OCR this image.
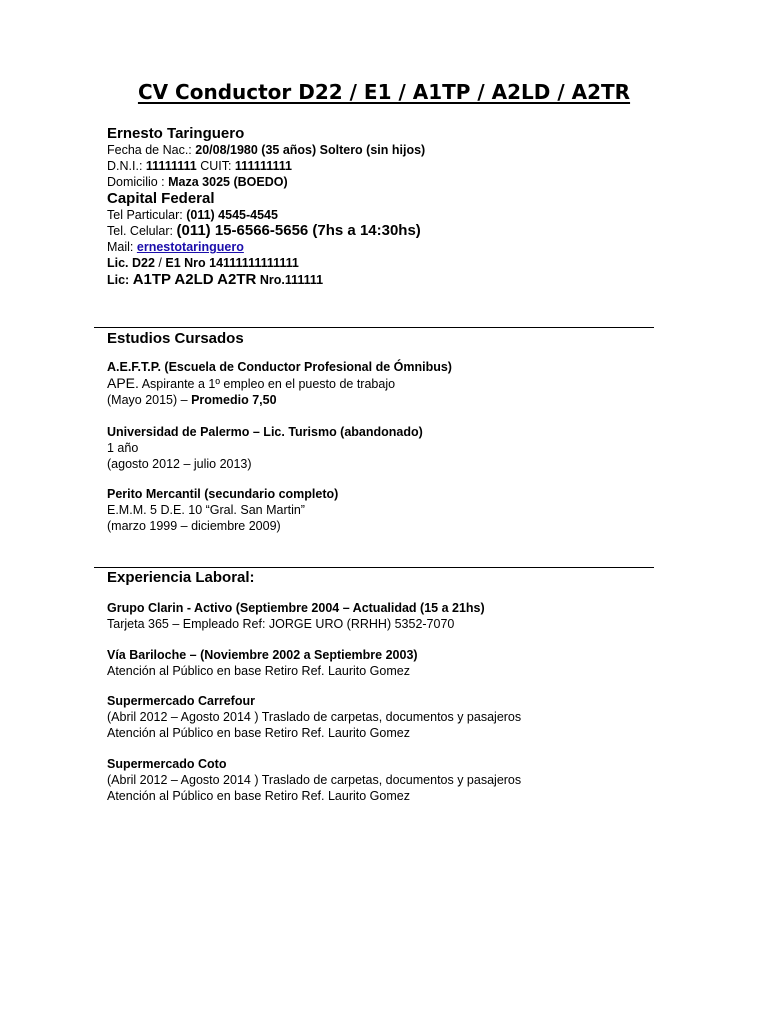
CV Conductor D22 / E1 / A1TP / A2LD / A2TR
Ernesto Taringuero
Fecha de Nac.: 20/08/1980 (35 años) Soltero (sin hijos)
D.N.I.: 11111111 CUIT: 111111111
Domicilio : Maza 3025 (BOEDO)
Capital Federal
Tel Particular: (011) 4545-4545
Tel. Celular: (011) 15-6566-5656 (7hs a 14:30hs)
Mail: ernestotaringuero
Lic. D22 / E1 Nro 14111111111111
Lic: A1TP A2LD A2TR Nro.111111
Estudios Cursados
A.E.F.T.P. (Escuela de Conductor Profesional de Ómnibus)
APE. Aspirante a 1º empleo en el puesto de trabajo
(Mayo 2015) – Promedio 7,50
Universidad de Palermo – Lic. Turismo (abandonado)
1 año
(agosto 2012 – julio 2013)
Perito Mercantil (secundario completo)
E.M.M. 5 D.E. 10 “Gral. San Martin”
(marzo 1999 – diciembre 2009)
Experiencia Laboral:
Grupo Clarin - Activo (Septiembre 2004 – Actualidad (15 a 21hs)
Tarjeta 365 – Empleado Ref: JORGE URO (RRHH) 5352-7070
Vía Bariloche – (Noviembre 2002 a Septiembre 2003)
Atención al Público en base Retiro Ref. Laurito Gomez
Supermercado Carrefour
(Abril 2012 – Agosto 2014 ) Traslado de carpetas, documentos y pasajeros
Atención al Público en base Retiro Ref. Laurito Gomez
Supermercado Coto
(Abril 2012 – Agosto 2014 ) Traslado de carpetas, documentos y pasajeros
Atención al Público en base Retiro Ref. Laurito Gomez
